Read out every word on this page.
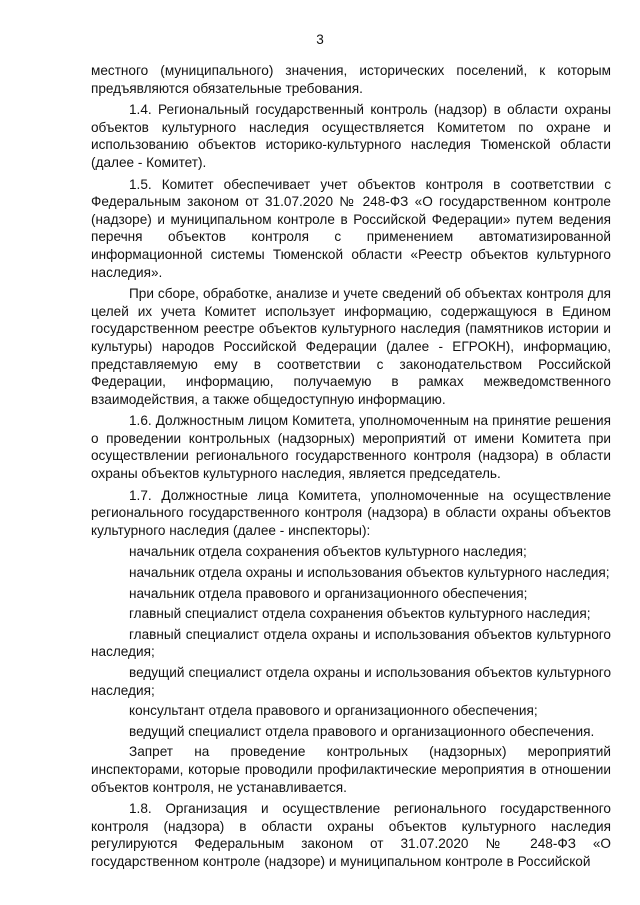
3

местного (муниципального) значения, исторических поселений, к которым предъявляются обязательные требования.

1.4. Региональный государственный контроль (надзор) в области охраны объектов культурного наследия осуществляется Комитетом по охране и использованию объектов историко-культурного наследия Тюменской области (далее - Комитет).

1.5. Комитет обеспечивает учет объектов контроля в соответствии с Федеральным законом от 31.07.2020 № 248-ФЗ «О государственном контроле (надзоре) и муниципальном контроле в Российской Федерации» путем ведения перечня объектов контроля с применением автоматизированной информационной системы Тюменской области «Реестр объектов культурного наследия».

При сборе, обработке, анализе и учете сведений об объектах контроля для целей их учета Комитет использует информацию, содержащуюся в Едином государственном реестре объектов культурного наследия (памятников истории и культуры) народов Российской Федерации (далее - ЕГРОКН), информацию, представляемую ему в соответствии с законодательством Российской Федерации, информацию, получаемую в рамках межведомственного взаимодействия, а также общедоступную информацию.

1.6. Должностным лицом Комитета, уполномоченным на принятие решения о проведении контрольных (надзорных) мероприятий от имени Комитета при осуществлении регионального государственного контроля (надзора) в области охраны объектов культурного наследия, является председатель.

1.7. Должностные лица Комитета, уполномоченные на осуществление регионального государственного контроля (надзора) в области охраны объектов культурного наследия (далее - инспекторы):

начальник отдела сохранения объектов культурного наследия;

начальник отдела охраны и использования объектов культурного наследия;

начальник отдела правового и организационного обеспечения;

главный специалист отдела сохранения объектов культурного наследия;

главный специалист отдела охраны и использования объектов культурного наследия;

ведущий специалист отдела охраны и использования объектов культурного наследия;

консультант отдела правового и организационного обеспечения;

ведущий специалист отдела правового и организационного обеспечения.

Запрет на проведение контрольных (надзорных) мероприятий инспекторами, которые проводили профилактические мероприятия в отношении объектов контроля, не устанавливается.

1.8. Организация и осуществление регионального государственного контроля (надзора) в области охраны объектов культурного наследия регулируются Федеральным законом от 31.07.2020 № 248-ФЗ «О государственном контроле (надзоре) и муниципальном контроле в Российской
